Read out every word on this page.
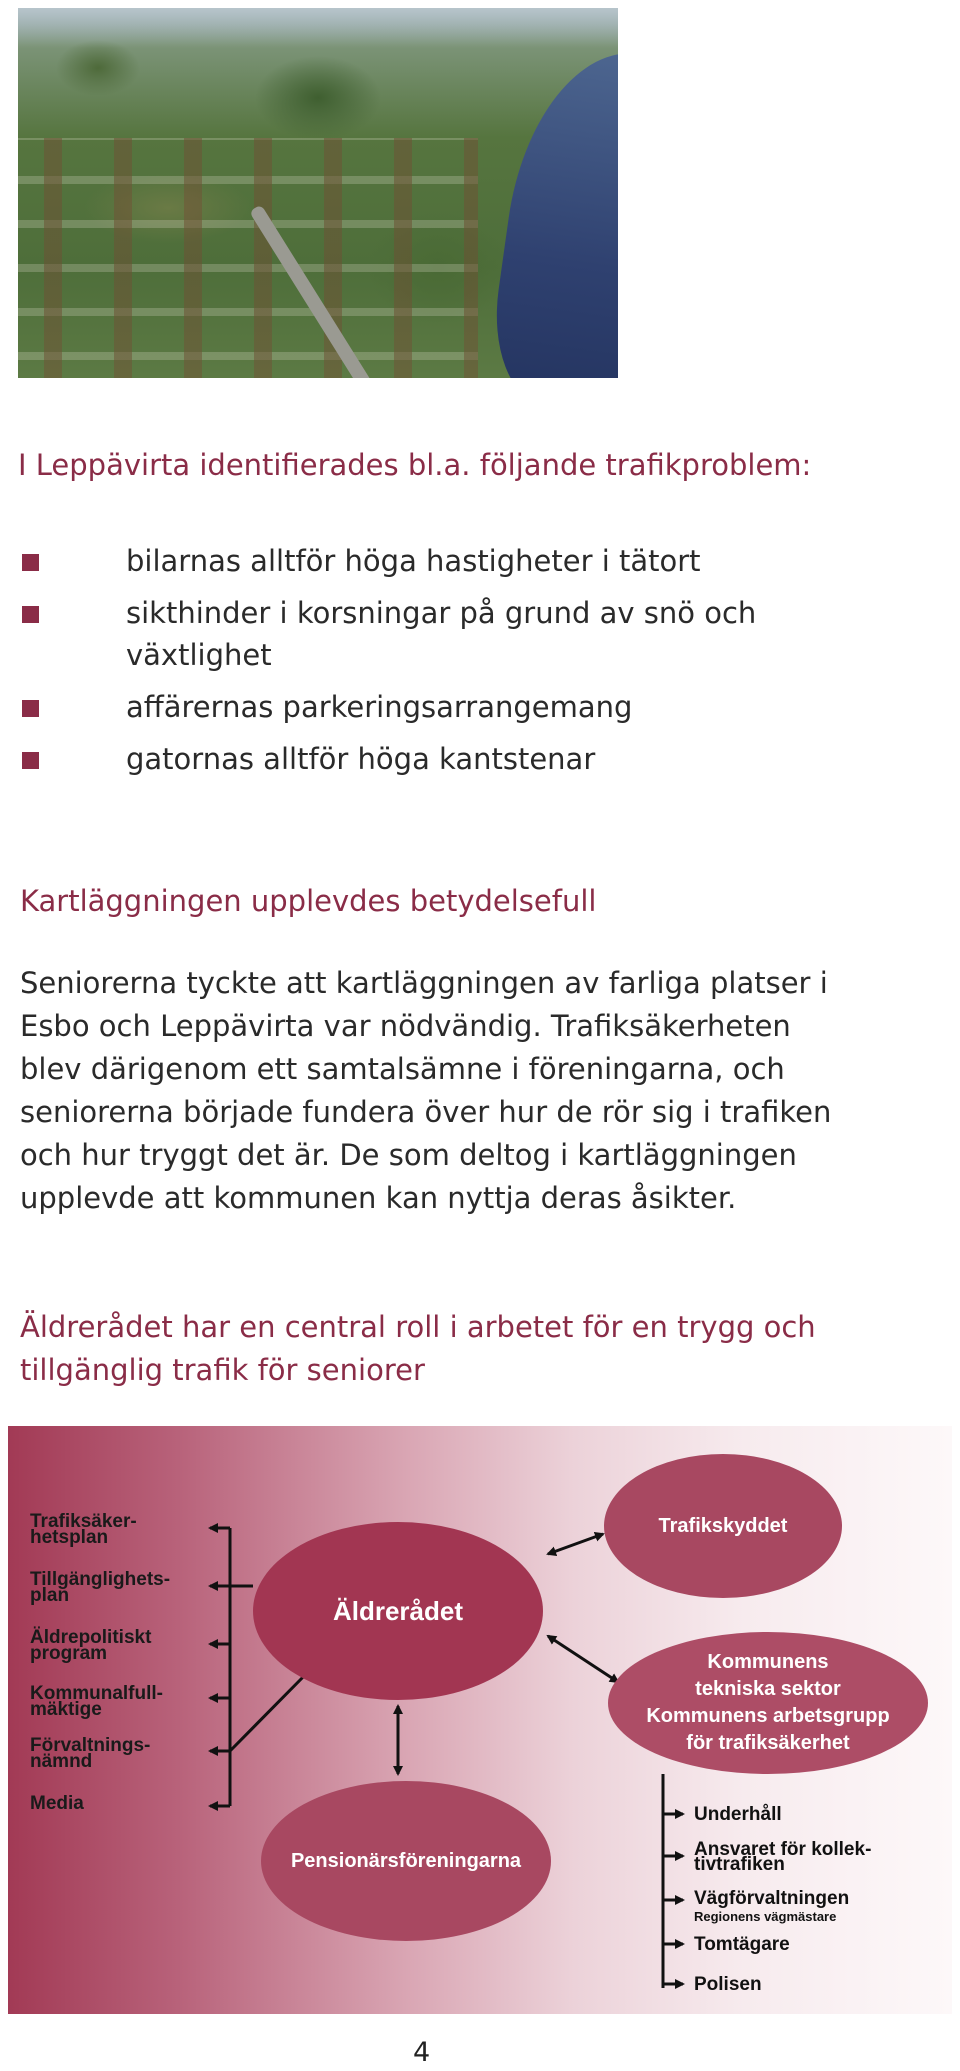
I Leppävirta identifierades bl.a. följande trafikproblem:
bilarnas alltför höga hastigheter i tätort
sikthinder i korsningar på grund av snö och växtlighet
affärernas parkeringsarrangemang
gatornas alltför höga kantstenar
Kartläggningen upplevdes betydelsefull

Seniorerna tyckte att kartläggningen av farliga platser i Esbo och Leppävirta var nödvändig. Trafiksäkerheten blev därigenom ett samtalsämne i föreningarna, och seniorerna började fundera över hur de rör sig i trafiken och hur tryggt det är. De som deltog i kartläggningen upplevde att kommunen kan nyttja deras åsikter.

Äldrerådet har en central roll i arbetet för en trygg och tillgänglig trafik för seniorer
Trafiksäker-
hetsplan
Tillgänglighets-
plan
Äldrepolitiskt
program
Kommunalfull-
mäktige
Förvaltnings-
nämnd
Media
Äldrerådet
Trafikskyddet
Kommunens
tekniska sektor
Kommunens arbetsgrupp
för trafiksäkerhet
Pensionärsföreningarna
Underhåll
Ansvaret för kollek-
tivtrafiken
Vägförvaltningen
Regionens vägmästare
Tomtägare
Polisen
4
